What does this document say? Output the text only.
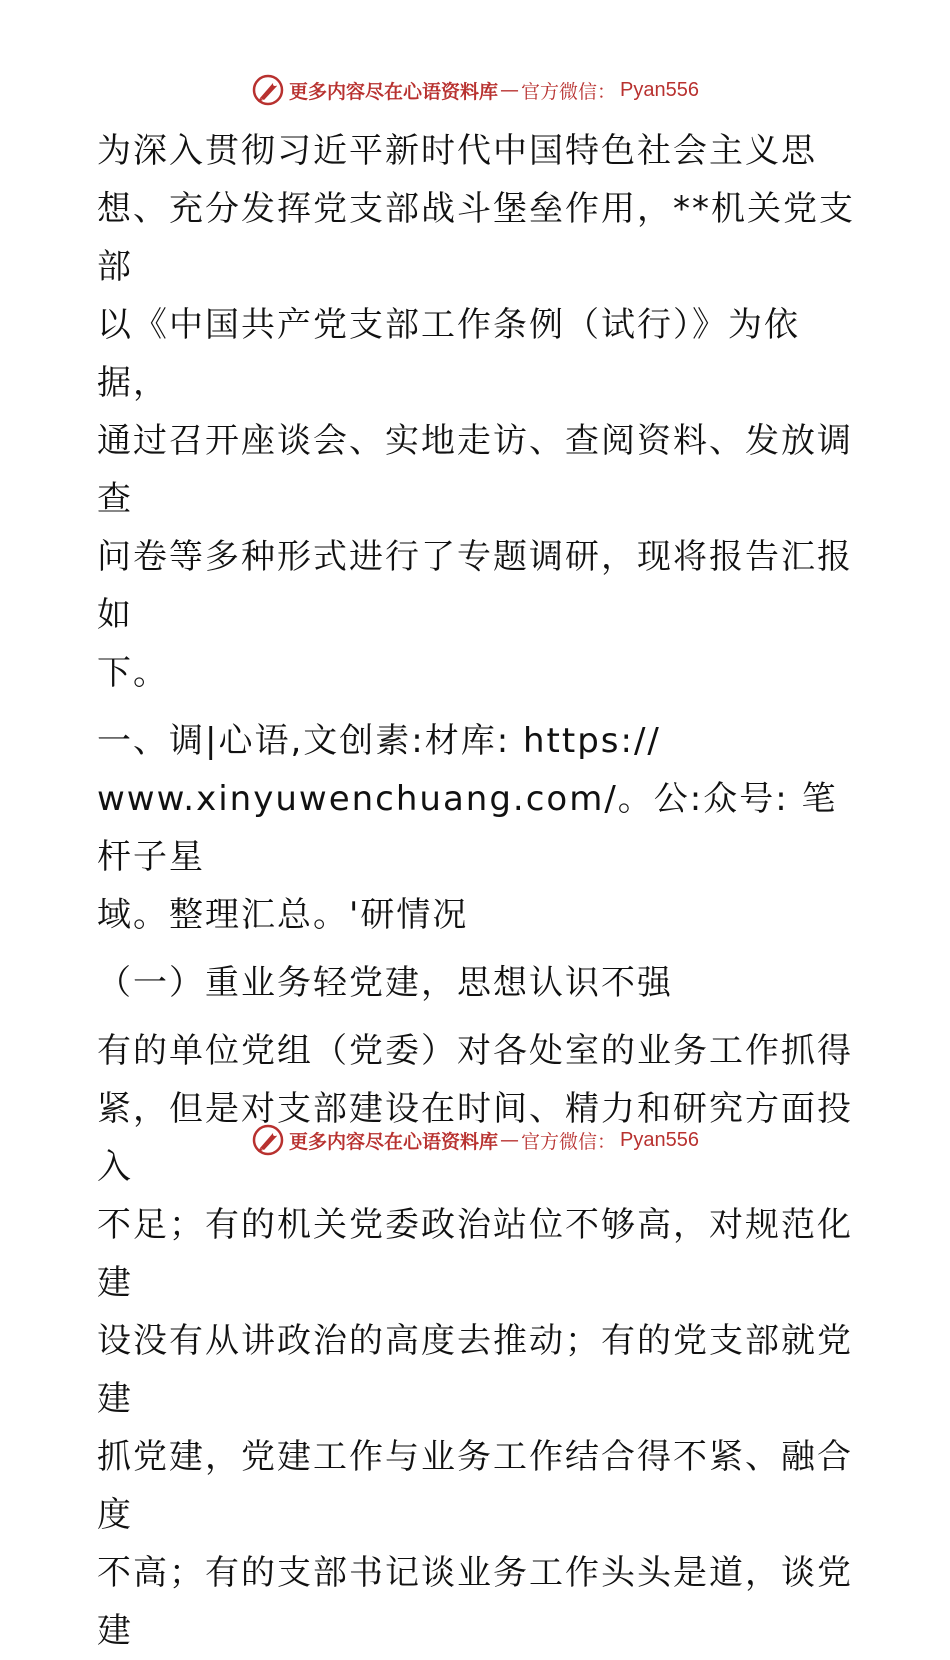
更多内容尽在心语资料库 — 官方微信： Pyan556
为深入贯彻习近平新时代中国特色社会主义思
想、充分发挥党支部战斗堡垒作用，**机关党支部
以《中国共产党支部工作条例（试行）》为依据，
通过召开座谈会、实地走访、查阅资料、发放调查
问卷等多种形式进行了专题调研，现将报告汇报如
下。
一、调|心语,文创素:材库: https://
www.xinyuwenchuang.com/。公:众号: 笔杆子星
域。整理汇总。'研情况
（一）重业务轻党建，思想认识不强
有的单位党组（党委）对各处室的业务工作抓得
紧，但是对支部建设在时间、精力和研究方面投入
不足；有的机关党委政治站位不够高，对规范化建
设没有从讲政治的高度去推动；有的党支部就党建
抓党建，党建工作与业务工作结合得不紧、融合度
不高；有的支部书记谈业务工作头头是道，谈党建
更多内容尽在心语资料库 — 官方微信： Pyan556
